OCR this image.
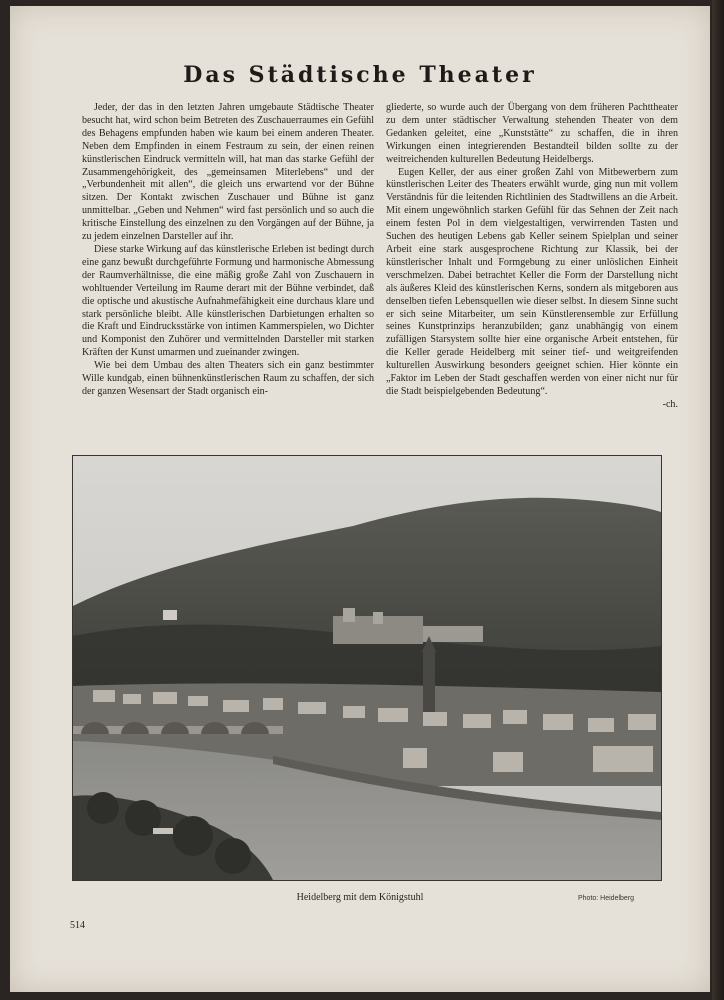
Das Städtische Theater

Jeder, der das in den letzten Jahren umgebaute Städtische Theater besucht hat, wird schon beim Betreten des Zuschauerraumes ein Gefühl des Behagens empfunden haben wie kaum bei einem anderen Theater. Neben dem Empfinden in einem Festraum zu sein, der einen reinen künstlerischen Eindruck vermitteln will, hat man das starke Gefühl der Zusammengehörigkeit, des „gemeinsamen Miterlebens“ und der „Verbundenheit mit allen“, die gleich uns erwartend vor der Bühne sitzen. Der Kontakt zwischen Zuschauer und Bühne ist ganz unmittelbar. „Geben und Nehmen“ wird fast persönlich und so auch die kritische Einstellung des einzelnen zu den Vorgängen auf der Bühne, ja zu jedem einzelnen Darsteller auf ihr.

Diese starke Wirkung auf das künstlerische Erleben ist bedingt durch eine ganz bewußt durchgeführte Formung und harmonische Abmessung der Raumverhältnisse, die eine mäßig große Zahl von Zuschauern in wohltuender Verteilung im Raume derart mit der Bühne verbindet, daß die optische und akustische Aufnahmefähigkeit eine durchaus klare und stark persönliche bleibt. Alle künstlerischen Darbietungen erhalten so die Kraft und Eindrucksstärke von intimen Kammerspielen, wo Dichter und Komponist den Zuhörer und vermittelnden Darsteller mit starken Kräften der Kunst umarmen und zueinander zwingen.

Wie bei dem Umbau des alten Theaters sich ein ganz bestimmter Wille kundgab, einen bühnenkünstlerischen Raum zu schaffen, der sich der ganzen Wesensart der Stadt organisch ein-

gliederte, so wurde auch der Übergang von dem früheren Pachttheater zu dem unter städtischer Verwaltung stehenden Theater von dem Gedanken geleitet, eine „Kunststätte“ zu schaffen, die in ihren Wirkungen einen integrierenden Bestandteil bilden sollte zu der weitreichenden kulturellen Bedeutung Heidelbergs.

Eugen Keller, der aus einer großen Zahl von Mitbewerbern zum künstlerischen Leiter des Theaters erwählt wurde, ging nun mit vollem Verständnis für die leitenden Richtlinien des Stadtwillens an die Arbeit. Mit einem ungewöhnlich starken Gefühl für das Sehnen der Zeit nach einem festen Pol in dem vielgestaltigen, verwirrenden Tasten und Suchen des heutigen Lebens gab Keller seinem Spielplan und seiner Arbeit eine stark ausgesprochene Richtung zur Klassik, bei der künstlerischer Inhalt und Formgebung zu einer unlöslichen Einheit verschmelzen. Dabei betrachtet Keller die Form der Darstellung nicht als äußeres Kleid des künstlerischen Kerns, sondern als mitgeboren aus denselben tiefen Lebensquellen wie dieser selbst. In diesem Sinne sucht er sich seine Mitarbeiter, um sein Künstlerensemble zur Erfüllung seines Kunstprinzips heranzubilden; ganz unabhängig von einem zufälligen Starsystem sollte hier eine organische Arbeit entstehen, für die Keller gerade Heidelberg mit seiner tief- und weitgreifenden kulturellen Auswirkung besonders geeignet schien. Hier könnte ein „Faktor im Leben der Stadt geschaffen werden von einer nicht nur für die Stadt beispielgebenden Bedeutung“.

-ch.

Heidelberg mit dem Königstuhl	Photo: Heidelberg
514
